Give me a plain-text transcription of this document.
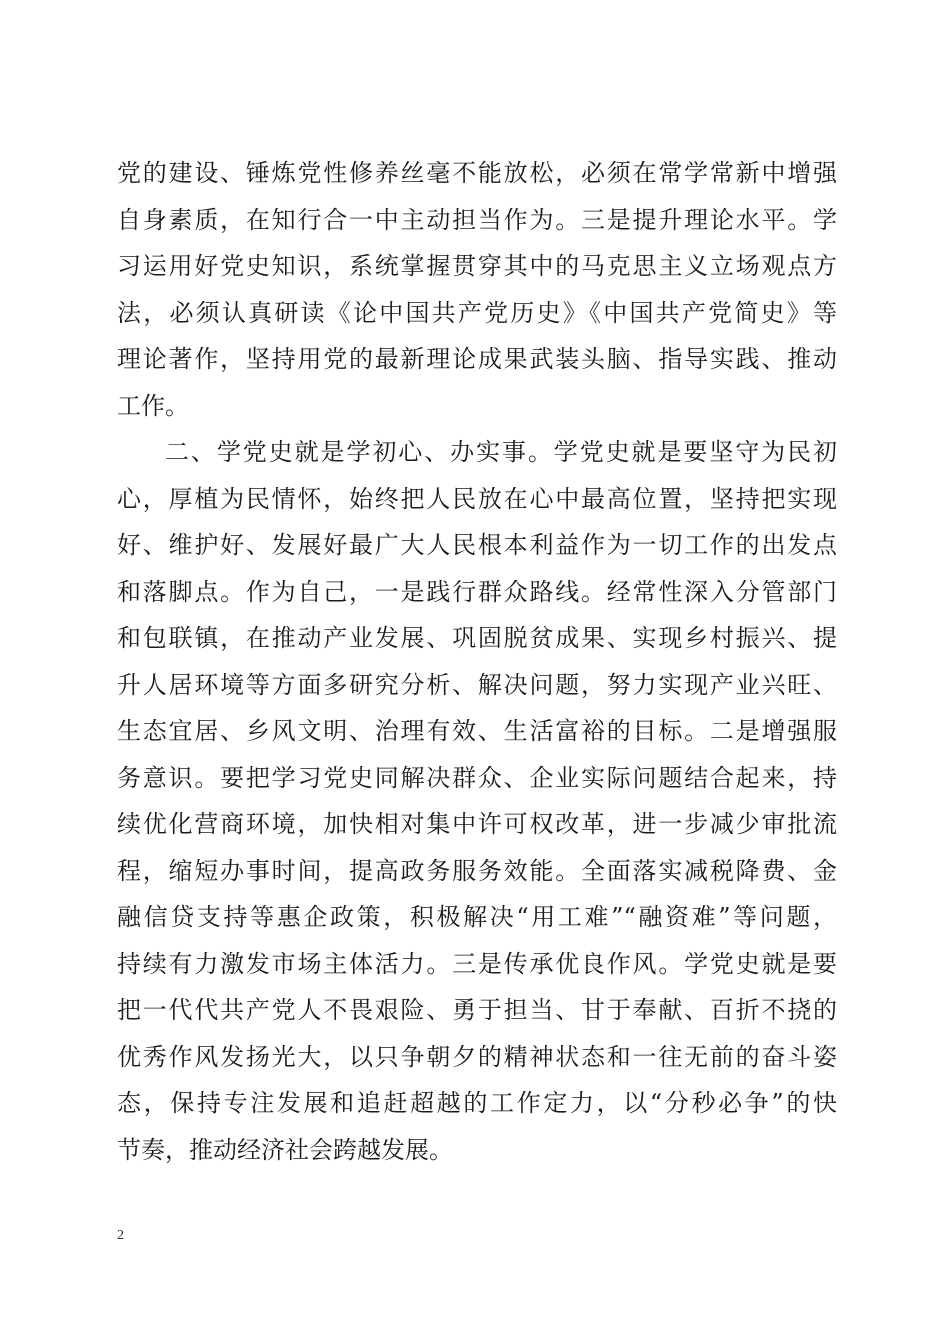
党的建设、锤炼党性修养丝毫不能放松，必须在常学常新中增强
自身素质，在知行合一中主动担当作为。三是提升理论水平。学
习运用好党史知识，系统掌握贯穿其中的马克思主义立场观点方
法，必须认真研读《论中国共产党历史》《中国共产党简史》等
理论著作，坚持用党的最新理论成果武装头脑、指导实践、推动
工作。
二、学党史就是学初心、办实事。学党史就是要坚守为民初
心，厚植为民情怀，始终把人民放在心中最高位置，坚持把实现
好、维护好、发展好最广大人民根本利益作为一切工作的出发点
和落脚点。作为自己，一是践行群众路线。经常性深入分管部门
和包联镇，在推动产业发展、巩固脱贫成果、实现乡村振兴、提
升人居环境等方面多研究分析、解决问题，努力实现产业兴旺、
生态宜居、乡风文明、治理有效、生活富裕的目标。二是增强服
务意识。要把学习党史同解决群众、企业实际问题结合起来，持
续优化营商环境，加快相对集中许可权改革，进一步减少审批流
程，缩短办事时间，提高政务服务效能。全面落实减税降费、金
融信贷支持等惠企政策，积极解决“用工难”“融资难”等问题，
持续有力激发市场主体活力。三是传承优良作风。学党史就是要
把一代代共产党人不畏艰险、勇于担当、甘于奉献、百折不挠的
优秀作风发扬光大，以只争朝夕的精神状态和一往无前的奋斗姿
态，保持专注发展和追赶超越的工作定力，以“分秒必争”的快
节奏，推动经济社会跨越发展。
2
